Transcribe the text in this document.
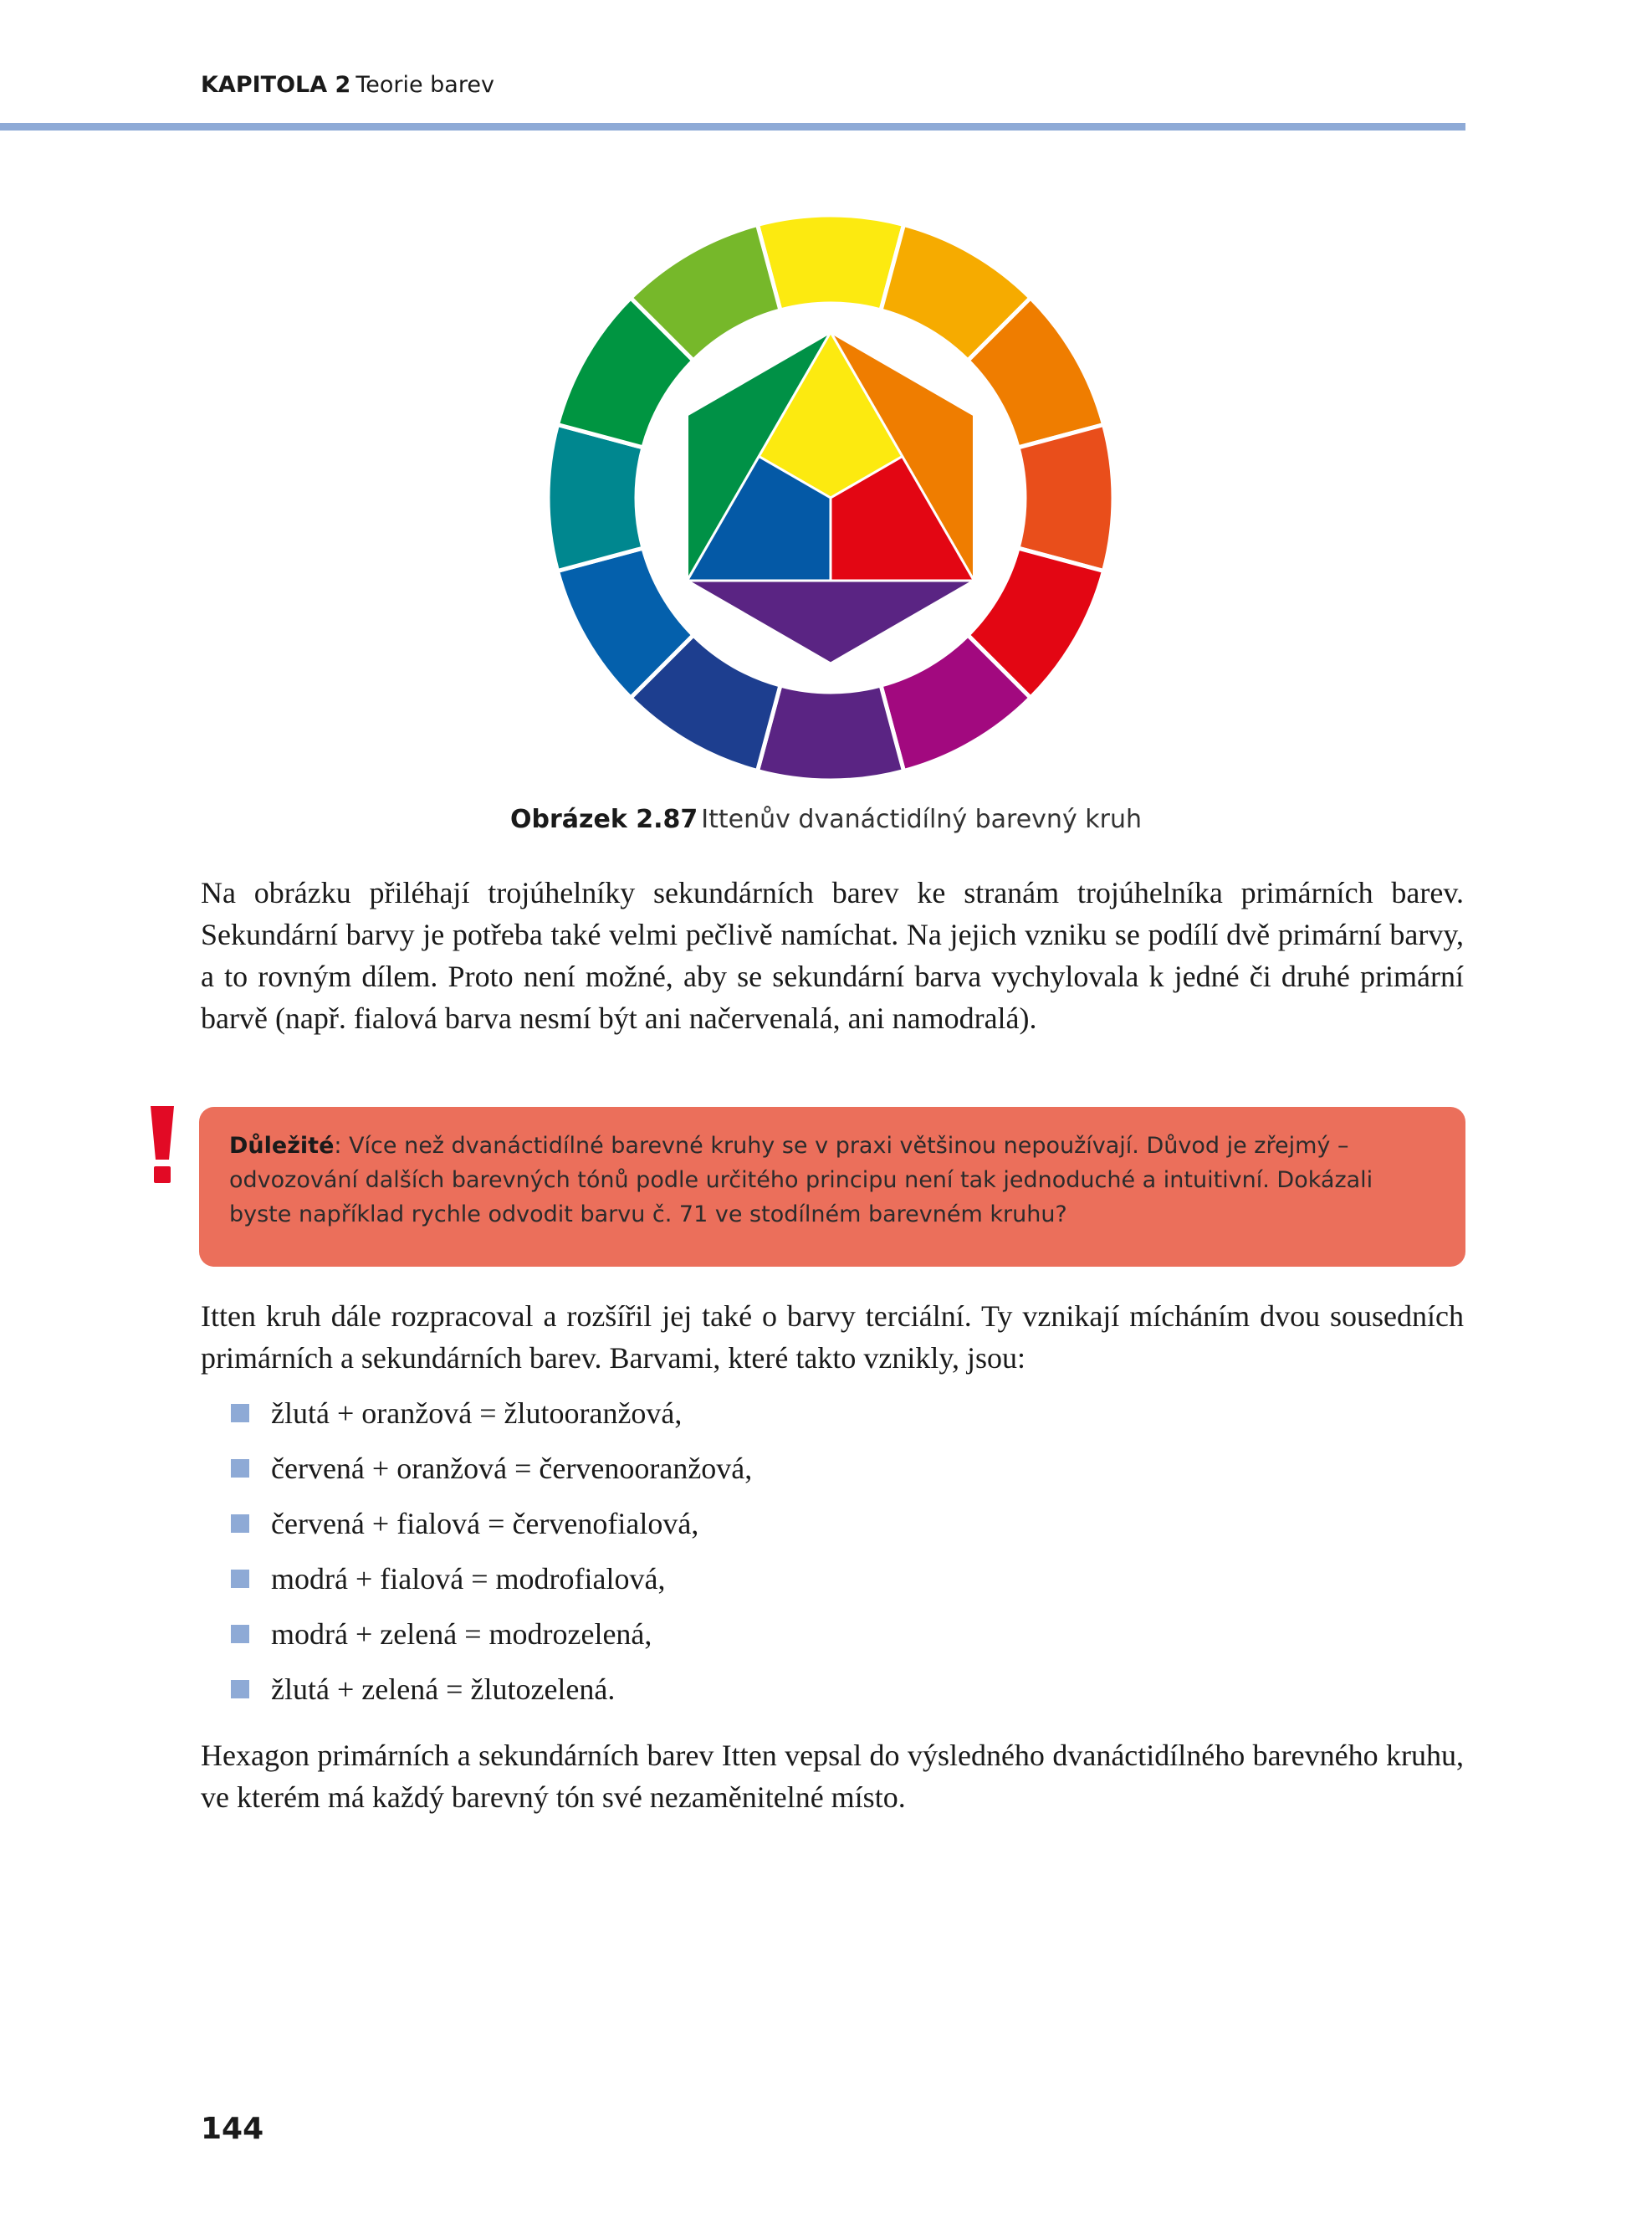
KAPITOLA 2 Teorie barev
Obrázek 2.87 Ittenův dvanáctidílný barevný kruh

Na obrázku přiléhají trojúhelníky sekundárních barev ke stranám trojúhelníka primárních barev. Sekundární barvy je potřeba také velmi pečlivě namíchat. Na jejich vzniku se podílí dvě primární barvy, a to rovným dílem. Proto není možné, aby se sekundární barva vychylovala k jedné či druhé primární barvě (např. fialová barva nesmí být ani načervenalá, ani namodralá).

Důležité: Více než dvanáctidílné barevné kruhy se v praxi většinou nepoužívají. Důvod je zřejmý – odvozování dalších barevných tónů podle určitého principu není tak jednoduché a intuitivní. Dokázali byste například rychle odvodit barvu č. 71 ve stodílném barevném kruhu?

Itten kruh dále rozpracoval a rozšířil jej také o barvy terciální. Ty vznikají mícháním dvou sousedních primárních a sekundárních barev. Barvami, které takto vznikly, jsou:

žlutá + oranžová = žlutooranžová,
červená + oranžová = červenooranžová,
červená + fialová = červenofialová,
modrá + fialová = modrofialová,
modrá + zelená = modrozelená,
žlutá + zelená = žlutozelená.

Hexagon primárních a sekundárních barev Itten vepsal do výsledného dvanáctidílného barevného kruhu, ve kterém má každý barevný tón své nezaměnitelné místo.

144
